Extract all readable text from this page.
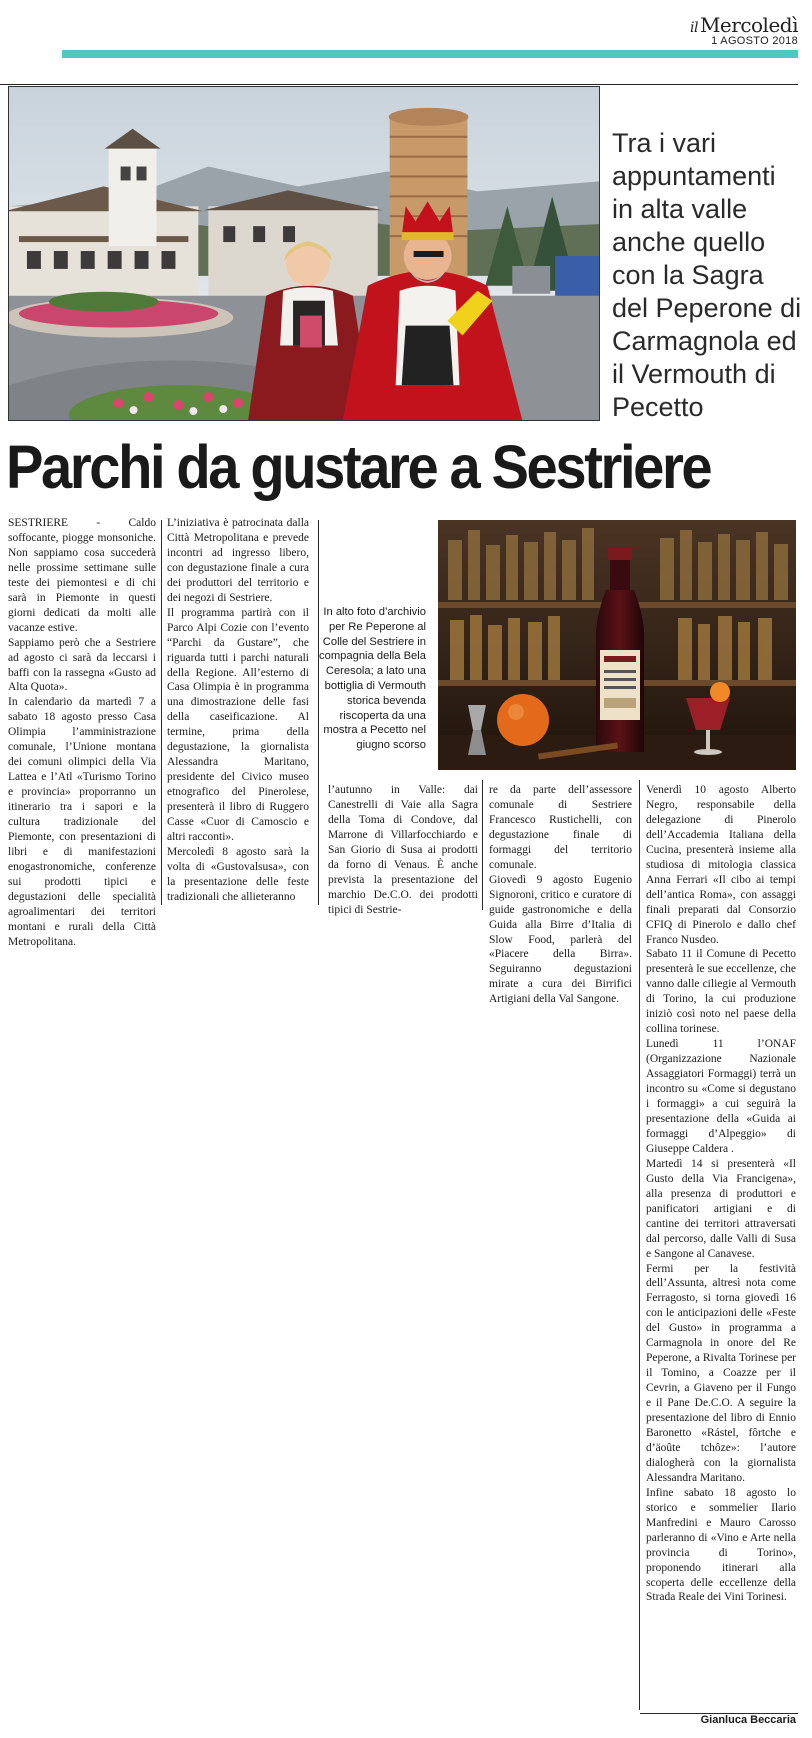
il Mercoledì
1 AGOSTO 2018
Tra i vari appuntamenti in alta valle anche quello con la Sagra del Peperone di Carmagnola ed il Vermouth di Pecetto
Parchi da gustare a Sestriere
In alto foto d’archivio per Re Peperone al Colle del Sestriere in compagnia della Bela Ceresola; a lato una bottiglia di Vermouth storica bevenda riscoperta da una mostra a Pecetto nel giugno scorso

SESTRIERE - Caldo soffocante, piogge monsoniche. Non sappiamo cosa succederà nelle prossime settimane sulle teste dei piemontesi e di chi sarà in Piemonte in questi giorni dedicati da molti alle vacanze estive.
Sappiamo però che a Sestriere ad agosto ci sarà da leccarsi i baffi con la rassegna «Gusto ad Alta Quota».
In calendario da martedì 7 a sabato 18 agosto presso Casa Olimpia l’amministrazione comunale, l’Unione montana dei comuni olimpici della Via Lattea e l’Atl «Turismo Torino e provincia» proporranno un itinerario tra i sapori e la cultura tradizionale del Piemonte, con presentazioni di libri e di manifestazioni enogastronomiche, conferenze sui prodotti tipici e degustazioni delle specialità agroalimentari dei territori montani e rurali della Città Metropolitana.

L’iniziativa è patrocinata dalla Città Metropolitana e prevede incontri ad ingresso libero, con degustazione finale a cura dei produttori del territorio e dei negozi di Sestriere.
Il programma partirà con il Parco Alpi Cozie con l’evento “Parchi da Gustare”, che riguarda tutti i parchi naturali della Regione. All’esterno di Casa Olimpia è in programma una dimostrazione delle fasi della caseificazione. Al termine, prima della degustazione, la giornalista Alessandra Maritano, presidente del Civico museo etnografico del Pinerolese, presenterà il libro di Ruggero Casse «Cuor di Camoscio e altri racconti».
Mercoledì 8 agosto sarà la volta di «Gustovalsusa», con la presentazione delle feste tradizionali che allieteranno

l’autunno in Valle: dai Canestrelli di Vaie alla Sagra della Toma di Condove, dal Marrone di Villarfocchiardo e San Giorio di Susa ai prodotti da forno di Venaus. È anche prevista la presentazione del marchio De.C.O. dei prodotti tipici di Sestrie-
re da parte dell’assessore comunale di Sestriere Francesco Rustichelli, con degustazione finale di formaggi del territorio comunale.
Giovedì 9 agosto Eugenio Signoroni, critico e curatore di guide gastronomiche e della Guida alla Birre d’Italia di Slow Food, parlerà del «Piacere della Birra». Seguiranno degustazioni mirate a cura dei Birrifici Artigiani della Val Sangone.

Venerdì 10 agosto Alberto Negro, responsabile della delegazione di Pinerolo dell’Accademia Italiana della Cucina, presenterà insieme alla studiosa di mitologia classica Anna Ferrari «Il cibo ai tempi dell’antica Roma», con assaggi finali preparati dal Consorzio CFIQ di Pinerolo e dallo chef Franco Nusdeo.
Sabato 11 il Comune di Pecetto presenterà le sue eccellenze, che vanno dalle ciliegie al Vermouth di Torino, la cui produzione iniziò così noto nel paese della collina torinese.
Lunedì 11 l’ONAF (Organizzazione Nazionale Assaggiatori Formaggi) terrà un incontro su «Come si degustano i formaggi» a cui seguirà la presentazione della «Guida ai formaggi d’Alpeggio» di Giuseppe Caldera .
Martedì 14 si presenterà «Il Gusto della Via Francigena», alla presenza di produttori e panificatori artigiani e di cantine dei territori attraversati dal percorso, dalle Valli di Susa e Sangone al Canavese.
Fermi per la festività dell’Assunta, altresì nota come Ferragosto, si torna giovedì 16 con le anticipazioni delle «Feste del Gusto» in programma a Carmagnola in onore del Re Peperone, a Rivalta Torinese per il Tomino, a Coazze per il Cevrin, a Giaveno per il Fungo e il Pane De.C.O. A seguire la presentazione del libro di Ennio Baronetto «Rástel, fôrtche e d’äoûte tchôze»: l’autore dialogherà con la giornalista Alessandra Maritano.
Infine sabato 18 agosto lo storico e sommelier Ilario Manfredini e Mauro Carosso parleranno di «Vino e Arte nella provincia di Torino», proponendo itinerari alla scoperta delle eccellenze della Strada Reale dei Vini Torinesi.

Gianluca Beccaria
